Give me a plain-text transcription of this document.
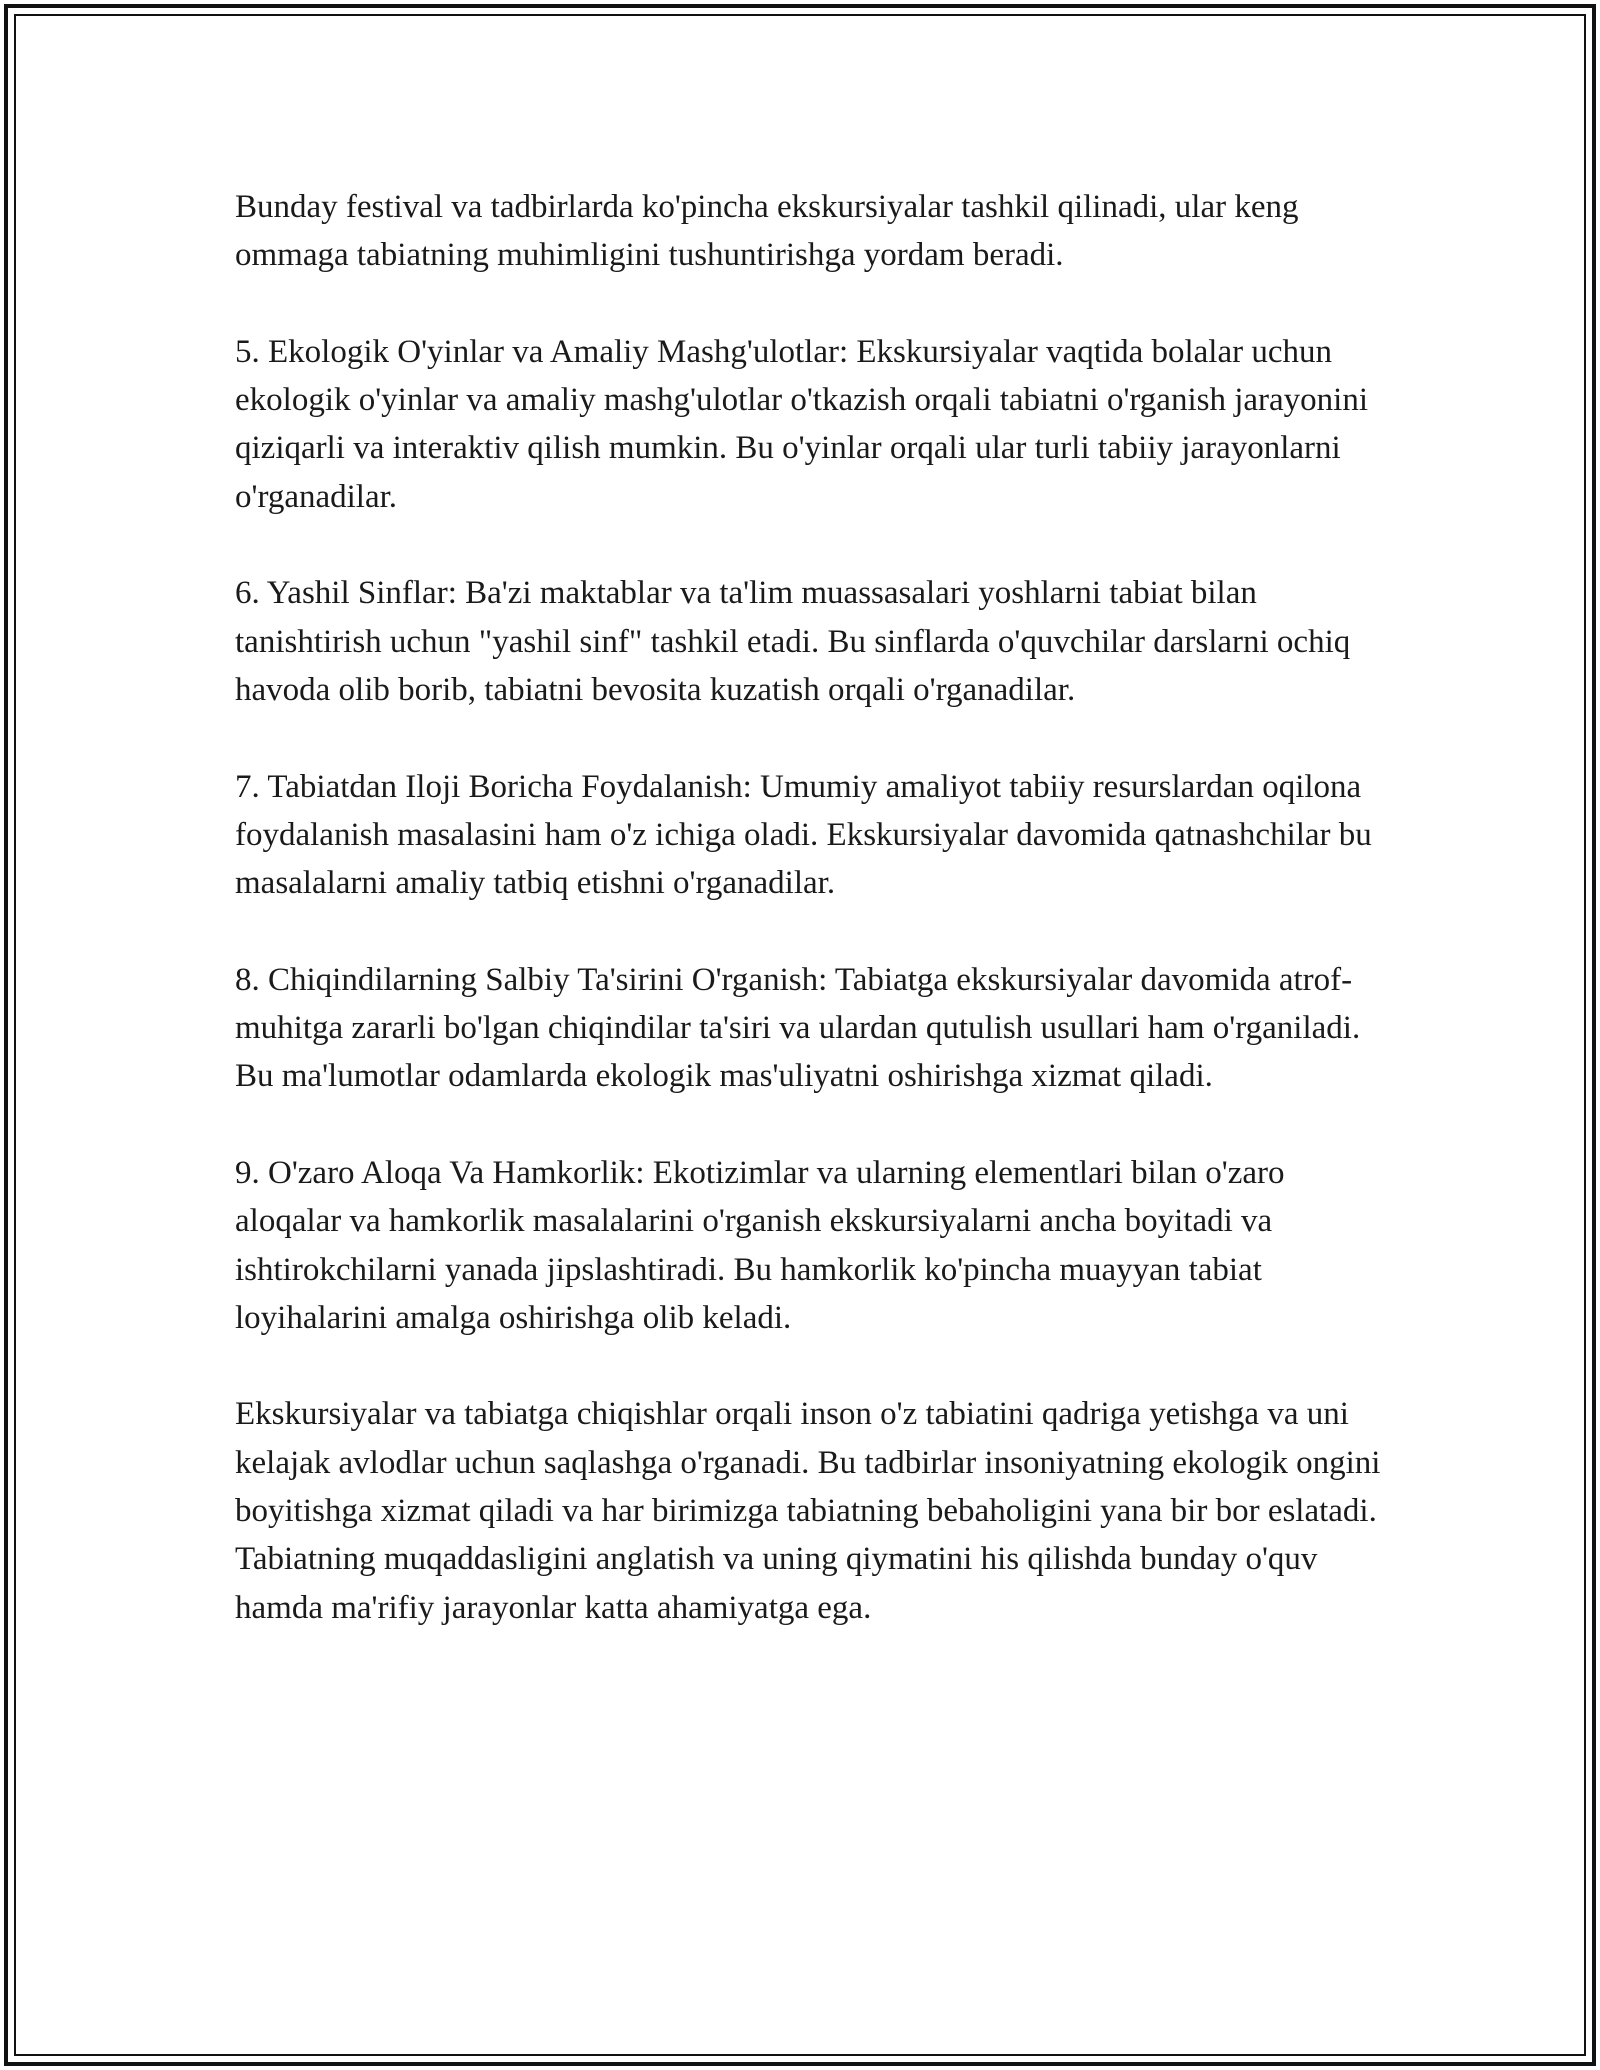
Bunday festival va tadbirlarda ko'pincha ekskursiyalar tashkil qilinadi, ular keng ommaga tabiatning muhimligini tushuntirishga yordam beradi.

5. Ekologik O'yinlar va Amaliy Mashg'ulotlar: Ekskursiyalar vaqtida bolalar uchun ekologik o'yinlar va amaliy mashg'ulotlar o'tkazish orqali tabiatni o'rganish jarayonini qiziqarli va interaktiv qilish mumkin. Bu o'yinlar orqali ular turli tabiiy jarayonlarni o'rganadilar.

6. Yashil Sinflar: Ba'zi maktablar va ta'lim muassasalari yoshlarni tabiat bilan tanishtirish uchun "yashil sinf" tashkil etadi. Bu sinflarda o'quvchilar darslarni ochiq havoda olib borib, tabiatni bevosita kuzatish orqali o'rganadilar.

7. Tabiatdan Iloji Boricha Foydalanish: Umumiy amaliyot tabiiy resurslardan oqilona foydalanish masalasini ham o'z ichiga oladi. Ekskursiyalar davomida qatnashchilar bu masalalarni amaliy tatbiq etishni o'rganadilar.

8. Chiqindilarning Salbiy Ta'sirini O'rganish: Tabiatga ekskursiyalar davomida atrof-muhitga zararli bo'lgan chiqindilar ta'siri va ulardan qutulish usullari ham o'rganiladi. Bu ma'lumotlar odamlarda ekologik mas'uliyatni oshirishga xizmat qiladi.

9. O'zaro Aloqa Va Hamkorlik: Ekotizimlar va ularning elementlari bilan o'zaro aloqalar va hamkorlik masalalarini o'rganish ekskursiyalarni ancha boyitadi va ishtirokchilarni yanada jipslashtiradi. Bu hamkorlik ko'pincha muayyan tabiat loyihalarini amalga oshirishga olib keladi.

Ekskursiyalar va tabiatga chiqishlar orqali inson o'z tabiatini qadriga yetishga va uni kelajak avlodlar uchun saqlashga o'rganadi. Bu tadbirlar insoniyatning ekologik ongini boyitishga xizmat qiladi va har birimizga tabiatning bebaholigini yana bir bor eslatadi. Tabiatning muqaddasligini anglatish va uning qiymatini his qilishda bunday o'quv hamda ma'rifiy jarayonlar katta ahamiyatga ega.
